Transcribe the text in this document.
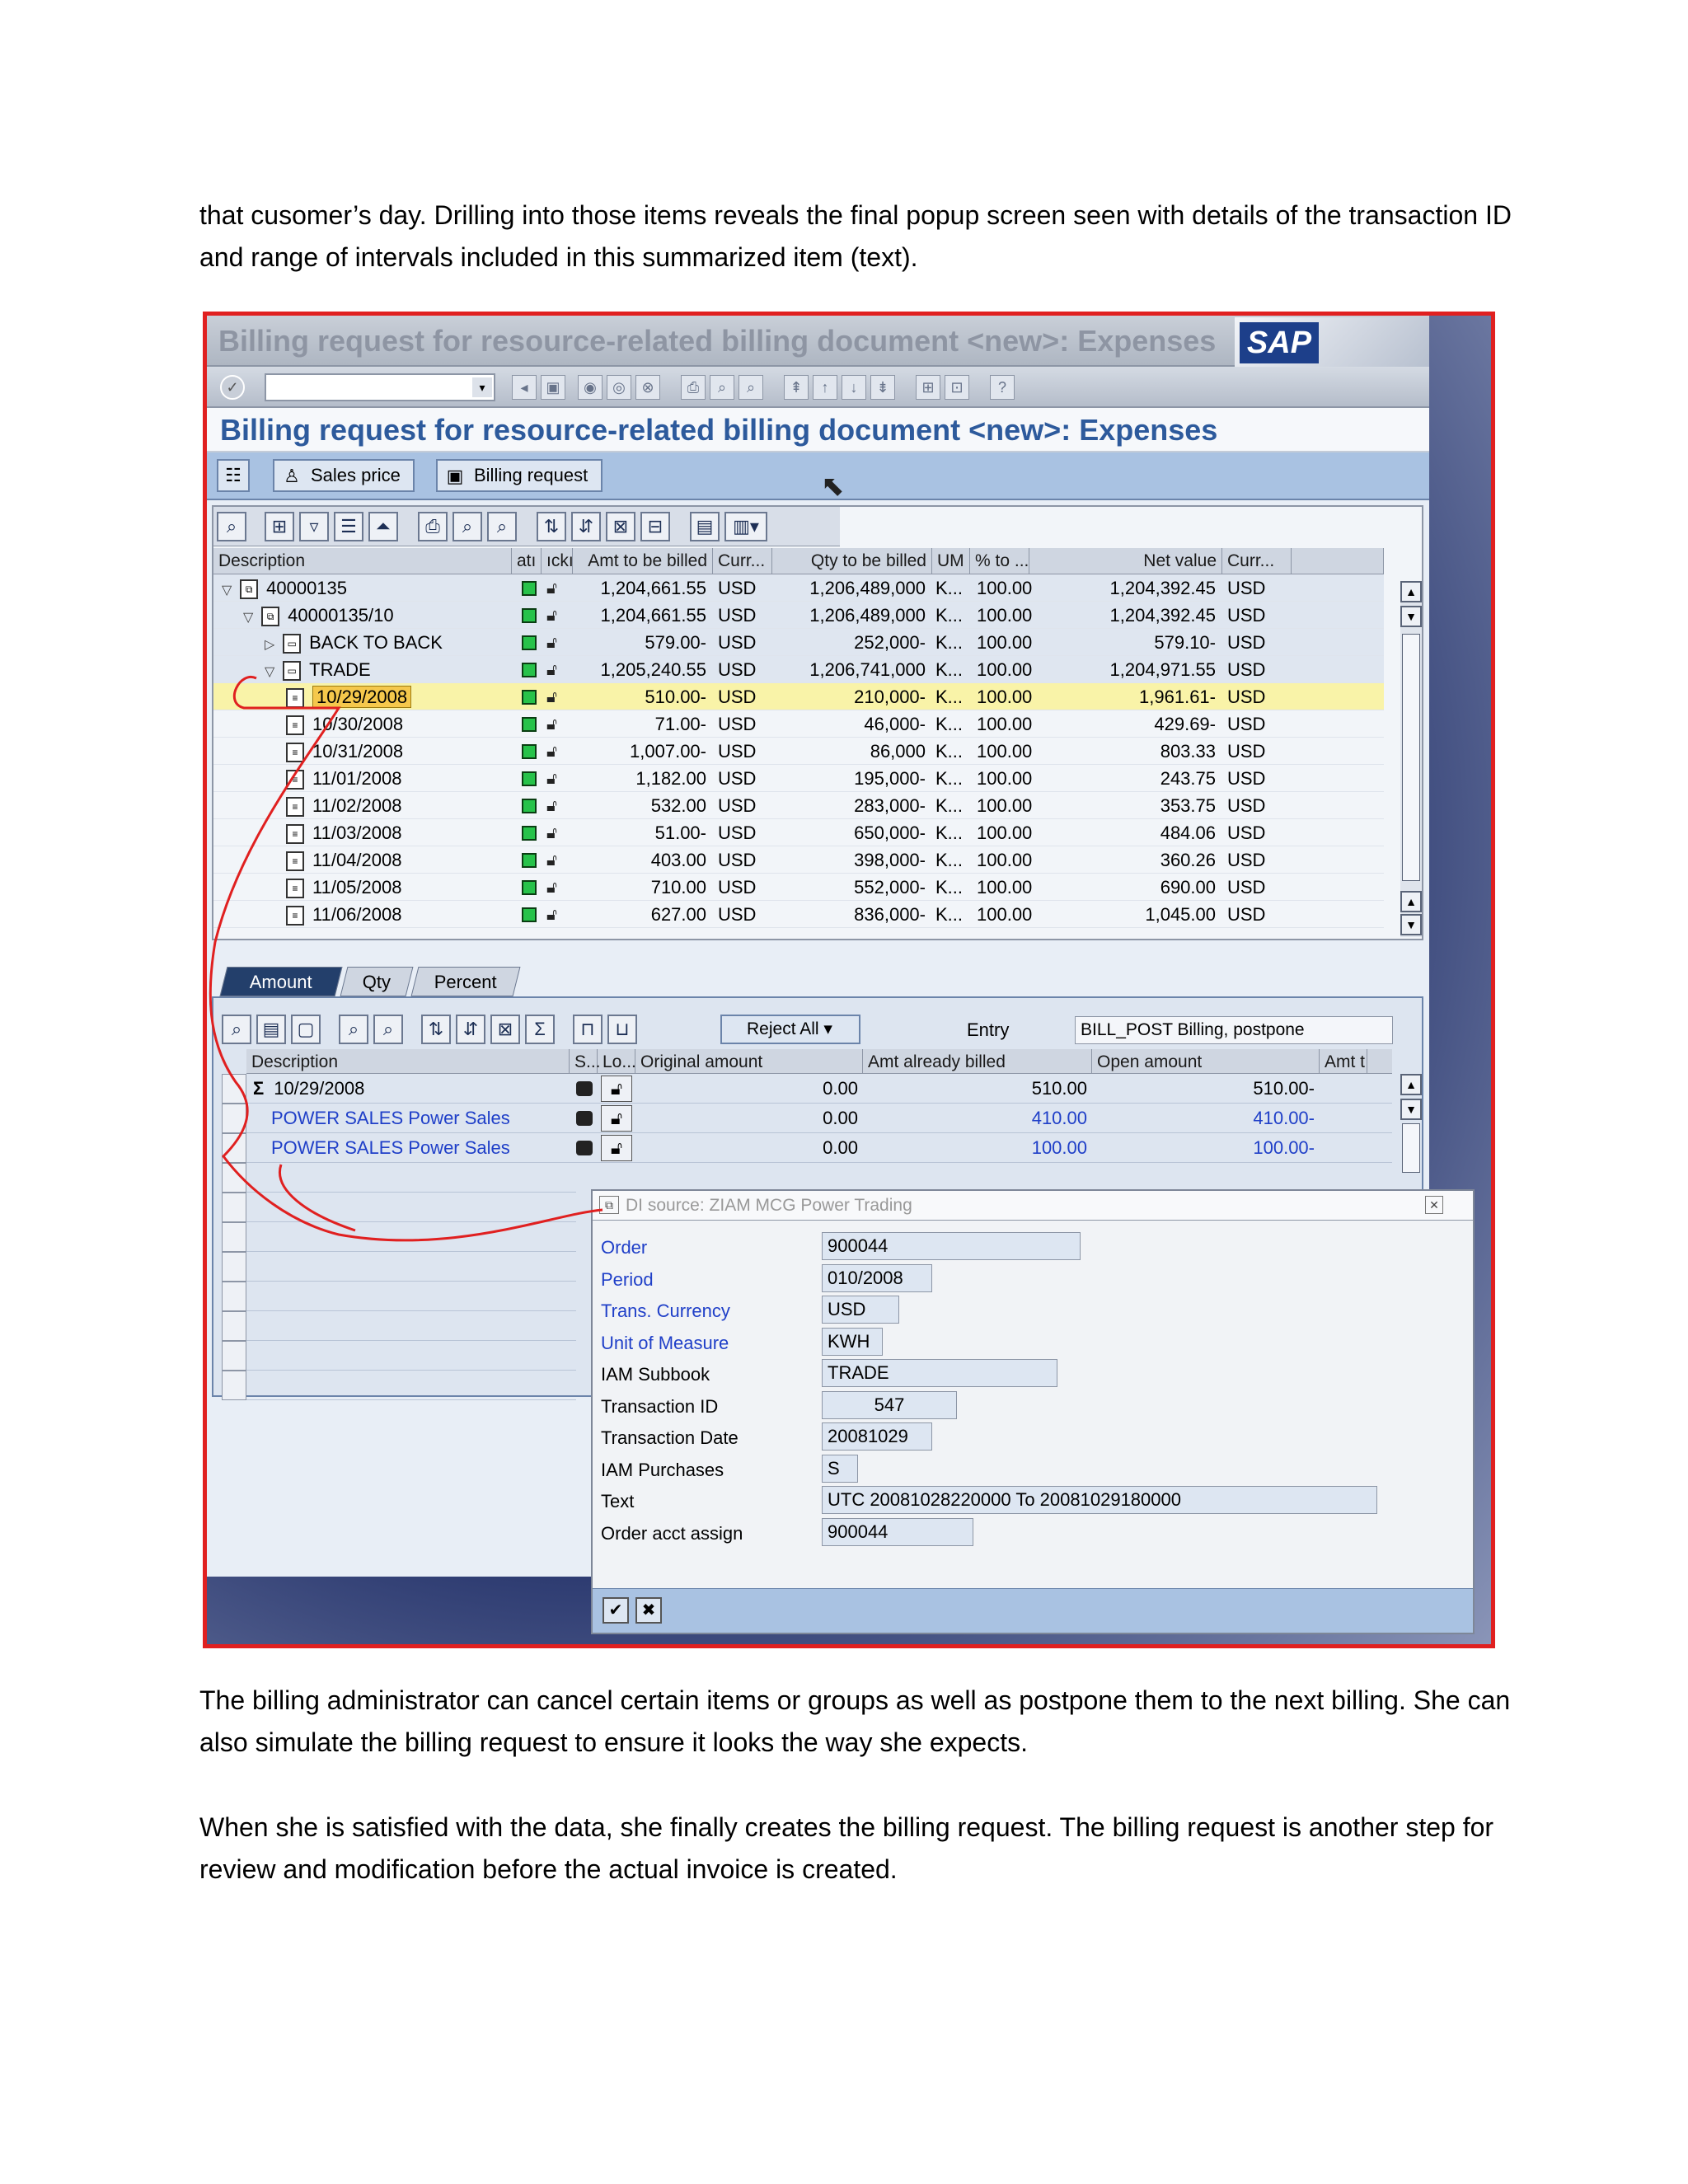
that cusomer’s day. Drilling into those items reveals the final popup screen seen with details of the transaction ID and range of intervals included in this summarized item (text).

Billing request for resource-related billing document <new>: Expenses SAP
✓	▾	◂	▣	◉	◎	⊗	⎙	⌕	⌕	⇞	↑	↓	⇟	⊞	⊡	?
Billing request for resource-related billing document <new>: Expenses
☷	♙ Sales price	▣ Billing request	⬉
⌕	⊞	▿	☰	⏶	⎙	⌕	⌕	⇅	⇵	⊠	⊟	▤	▥▾
Description	atı ıckı Amt to be billed Curr...	Qty to be billed UM % to ...	Net value Curr...
▽ ⧉ 40000135	🔓︎	1,204,661.55 USD	1,206,489,000 K... 100.00	1,204,392.45 USD
▽ ⧉ 40000135/10	🔓︎	1,204,661.55 USD	1,206,489,000 K... 100.00	1,204,392.45 USD
▷ ▭ BACK TO BACK	🔓︎	579.00- USD	252,000- K... 100.00	579.10- USD
▽ ▭ TRADE	🔓︎	1,205,240.55 USD	1,206,741,000 K... 100.00	1,204,971.55 USD
≡ 10/29/2008	🔓︎	510.00- USD	210,000- K... 100.00	1,961.61- USD
≡ 10/30/2008	🔓︎	71.00- USD	46,000- K... 100.00	429.69- USD
≡ 10/31/2008	🔓︎	1,007.00- USD	86,000 K... 100.00	803.33 USD
≡ 11/01/2008	🔓︎	1,182.00 USD	195,000- K... 100.00	243.75 USD
≡ 11/02/2008	🔓︎	532.00 USD	283,000- K... 100.00	353.75 USD
≡ 11/03/2008	🔓︎	51.00- USD	650,000- K... 100.00	484.06 USD
≡ 11/04/2008	🔓︎	403.00 USD	398,000- K... 100.00	360.26 USD
≡ 11/05/2008	🔓︎	710.00 USD	552,000- K... 100.00	690.00 USD
≡ 11/06/2008	🔓︎	627.00 USD	836,000- K... 100.00	1,045.00 USD
▲
▼
▲
▼
Amount	Qty	Percent
⌕	▤ ▢	⌕	⌕	⇅	⇵	⊠	Σ	⊓	⊔	Reject All ▾	Entry	BILL_POST Billing, postpone
Description	S... Lo... Original amount	Amt already billed	Open amount	Amt t
Σ 10/29/2008	🔓︎	0.00	510.00	510.00-
POWER SALES Power Sales	🔓︎	0.00	410.00	410.00-
POWER SALES Power Sales	🔓︎	0.00	100.00	100.00-
▲
▼
⧉ DI source: ZIAM MCG Power Trading	✕
Order	900044
Period	010/2008
Trans. Currency	USD
Unit of Measure	KWH
IAM Subbook	TRADE
Transaction ID	547
Transaction Date	20081029
IAM Purchases	S
Text	UTC 20081028220000 To 20081029180000
Order acct assign	900044
✔	✖

The billing administrator can cancel certain items or groups as well as postpone them to the next billing. She can also simulate the billing request to ensure it looks the way she expects.

When she is satisfied with the data, she finally creates the billing request. The billing request is another step for review and modification before the actual invoice is created.
